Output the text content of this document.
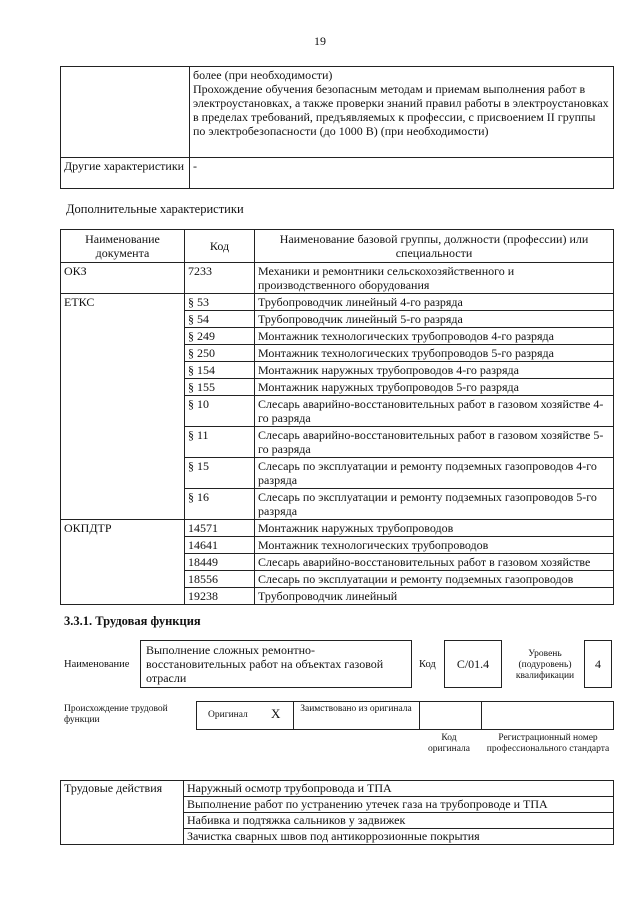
19
	более (при необходимости)
Прохождение обучения безопасным методам и приемам выполнения работ в электроустановках, а также проверки знаний правил работы в электроустановках в пределах требований, предъявляемых к профессии, с присвоением II группы по электробезопасности (до 1000 В) (при необходимости)
Другие характеристики	-
Дополнительные характеристики
Наименование документа	Код	Наименование базовой группы, должности (профессии) или специальности
ОКЗ	7233	Механики и ремонтники сельскохозяйственного и производственного оборудования
ЕТКС	§ 53	Трубопроводчик линейный 4-го разряда
	§ 54	Трубопроводчик линейный 5-го разряда
	§ 249	Монтажник технологических трубопроводов 4-го разряда
	§ 250	Монтажник технологических трубопроводов 5-го разряда
	§ 154	Монтажник наружных трубопроводов 4-го разряда
	§ 155	Монтажник наружных трубопроводов 5-го разряда
	§ 10	Слесарь аварийно-восстановительных работ в газовом хозяйстве 4-го разряда
	§ 11	Слесарь аварийно-восстановительных работ в газовом хозяйстве 5-го разряда
	§ 15	Слесарь по эксплуатации и ремонту подземных газопроводов 4-го разряда
	§ 16	Слесарь по эксплуатации и ремонту подземных газопроводов 5-го разряда
ОКПДТР	14571	Монтажник наружных трубопроводов
	14641	Монтажник технологических трубопроводов
	18449	Слесарь аварийно-восстановительных работ в газовом хозяйстве
	18556	Слесарь по эксплуатации и ремонту подземных газопроводов
	19238	Трубопроводчик линейный
3.3.1. Трудовая функция
Наименование
Выполнение сложных ремонтно-восстановительных работ на объектах газовой отрасли
Код	C/01.4
Уровень (подуровень) квалификации
4
Происхождение трудовой функции	Оригинал X Заимствовано из оригинала
Код оригинала
Регистрационный номер профессионального стандарта
Трудовые действия	Наружный осмотр трубопровода и ТПА
Выполнение работ по устранению утечек газа на трубопроводе и ТПА
Набивка и подтяжка сальников у задвижек
Зачистка сварных швов под антикоррозионные покрытия
